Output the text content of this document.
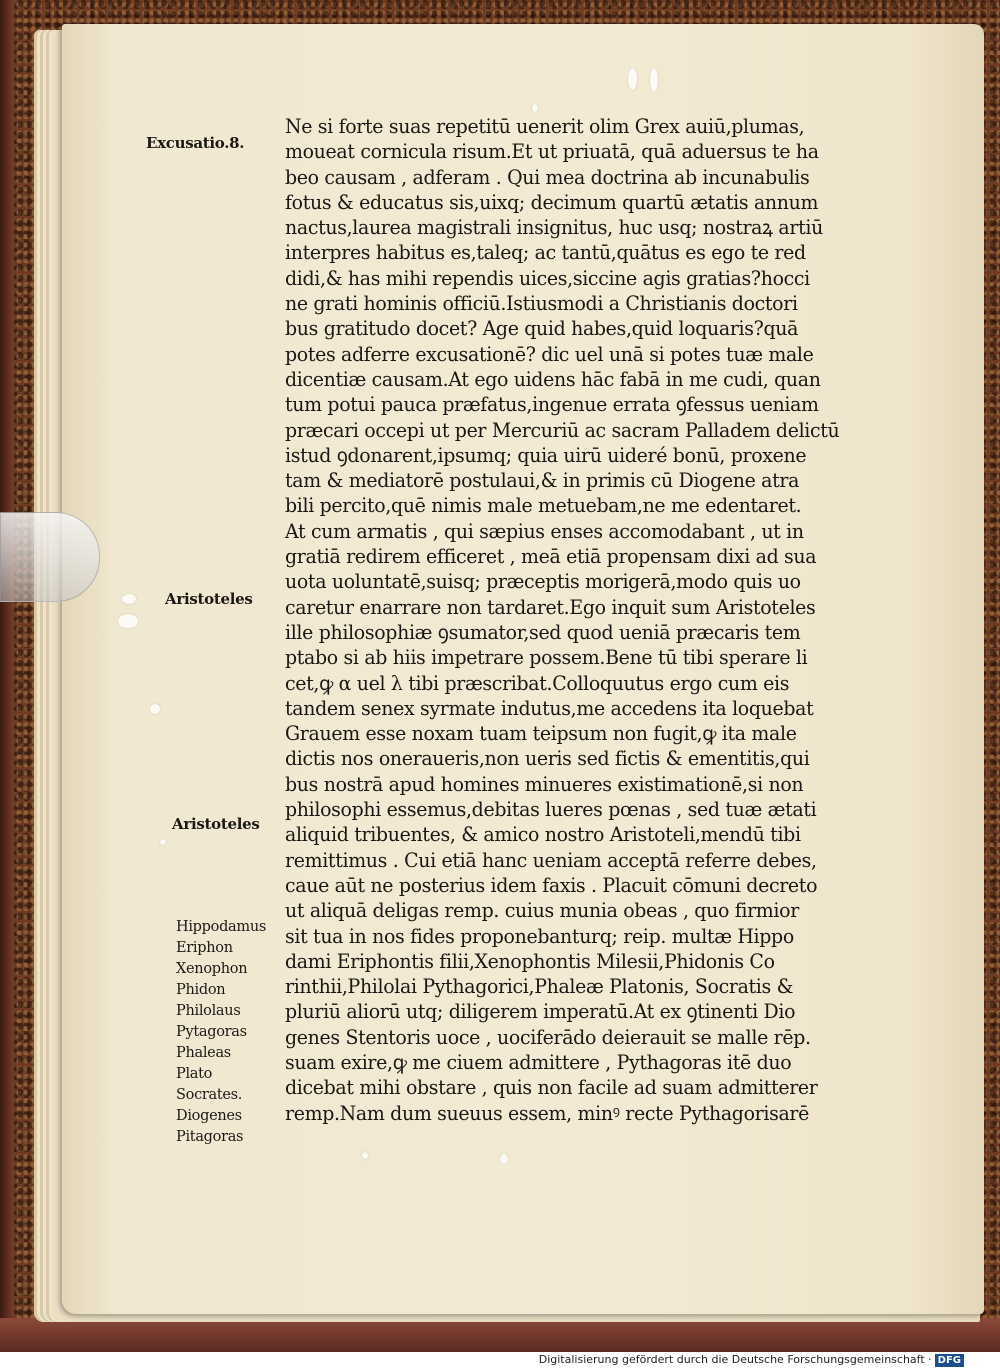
Excusatio.8.
Aristoteles
Aristoteles
Hippodamus
Eriphon
Xenophon
Phidon
Philolaus
Pytagoras
Phaleas
Plato
Socrates.
Diogenes
Pitagoras
Ne si forte suas repetitū uenerit olim Grex auiū,plumas,
moueat cornicula risum.Et ut priuatā, quā aduersus te ha
beo causam , adferam . Qui mea doctrina ab incunabulis
fotus & educatus sis,uixq; decimum quartū ætatis annum
nactus,laurea magistrali insignitus, huc usq; nostraꝝ artiū
interpres habitus es,taleq; ac tantū,quātus es ego te red
didi,& has mihi rependis uices,siccine agis gratias?hocci
ne grati hominis officiū.Istiusmodi a Christianis doctori
bus gratitudo docet? Age quid habes,quid loquaris?quā
potes adferre excusationē? dic uel unā si potes tuæ male
dicentiæ causam.At ego uidens hāc fabā in me cudi, quan
tum potui pauca præfatus,ingenue errata ꝯfessus ueniam
præcari occepi ut per Mercuriū ac sacram Palladem delictū
istud ꝯdonarent,ipsumq; quia uirū uideré bonū, proxene
tam & mediatorē postulaui,& in primis cū Diogene atra
bili percito,quē nimis male metuebam,ne me edentaret.
At cum armatis , qui sæpius enses accomodabant , ut in
gratiā redirem efficeret , meā etiā propensam dixi ad sua
uota uoluntatē,suisq; præceptis morigerā,modo quis uo
caretur enarrare non tardaret.Ego inquit sum Aristoteles
ille philosophiæ ꝯsumator,sed quod ueniā præcaris tem
ptabo si ab hiis impetrare possem.Bene tū tibi sperare li
cet,ꝙ α uel λ tibi præscribat.Colloquutus ergo cum eis
tandem senex syrmate indutus,me accedens ita loquebat
Grauem esse noxam tuam teipsum non fugit,ꝙ ita male
dictis nos oneraueris,non ueris sed fictis & ementitis,qui
bus nostrā apud homines minueres existimationē,si non
philosophi essemus,debitas lueres pœnas , sed tuæ ætati
aliquid tribuentes, & amico nostro Aristoteli,mendū tibi
remittimus . Cui etiā hanc ueniam acceptā referre debes,
caue aūt ne posterius idem faxis . Placuit cōmuni decreto
ut aliquā deligas remp. cuius munia obeas , quo firmior
sit tua in nos fides proponebanturq; reip. multæ Hippo
dami Eriphontis filii,Xenophontis Milesii,Phidonis Co
rinthii,Philolai Pythagorici,Phaleæ Platonis, Socratis &
pluriū aliorū utq; diligerem imperatū.At ex ꝯtinenti Dio
genes Stentoris uoce , uociferādo deierauit se malle rēp.
suam exire,ꝙ me ciuem admittere , Pythagoras itē duo
dicebat mihi obstare , quis non facile ad suam admitterer
remp.Nam dum sueuus essem, minꝰ recte Pythagorisarē
Digitalisierung gefördert durch die Deutsche Forschungsgemeinschaft · DFG
